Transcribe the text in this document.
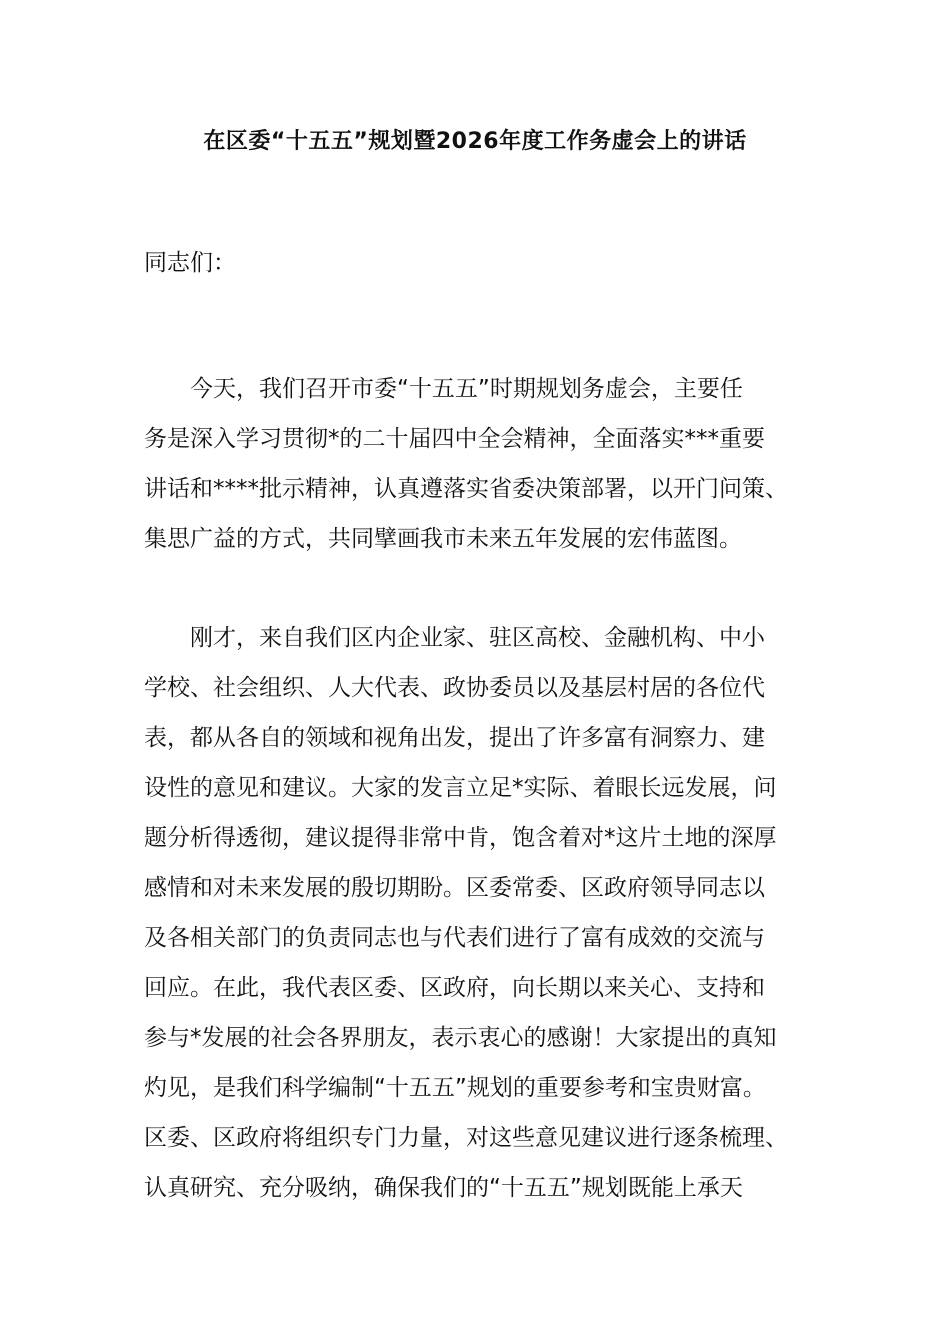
在区委“十五五”规划暨2026年度工作务虚会上的讲话

同志们：

今天，我们召开市委“十五五”时期规划务虚会，主要任
务是深入学习贯彻*的二十届四中全会精神，全面落实***重要
讲话和****批示精神，认真遵落实省委决策部署，以开门问策、
集思广益的方式，共同擘画我市未来五年发展的宏伟蓝图。
刚才，来自我们区内企业家、驻区高校、金融机构、中小
学校、社会组织、人大代表、政协委员以及基层村居的各位代
表，都从各自的领域和视角出发，提出了许多富有洞察力、建
设性的意见和建议。大家的发言立足*实际、着眼长远发展，问
题分析得透彻，建议提得非常中肯，饱含着对*这片土地的深厚
感情和对未来发展的殷切期盼。区委常委、区政府领导同志以
及各相关部门的负责同志也与代表们进行了富有成效的交流与
回应。在此，我代表区委、区政府，向长期以来关心、支持和
参与*发展的社会各界朋友，表示衷心的感谢！大家提出的真知
灼见，是我们科学编制“十五五”规划的重要参考和宝贵财富。
区委、区政府将组织专门力量，对这些意见建议进行逐条梳理、
认真研究、充分吸纳，确保我们的“十五五”规划既能上承天
